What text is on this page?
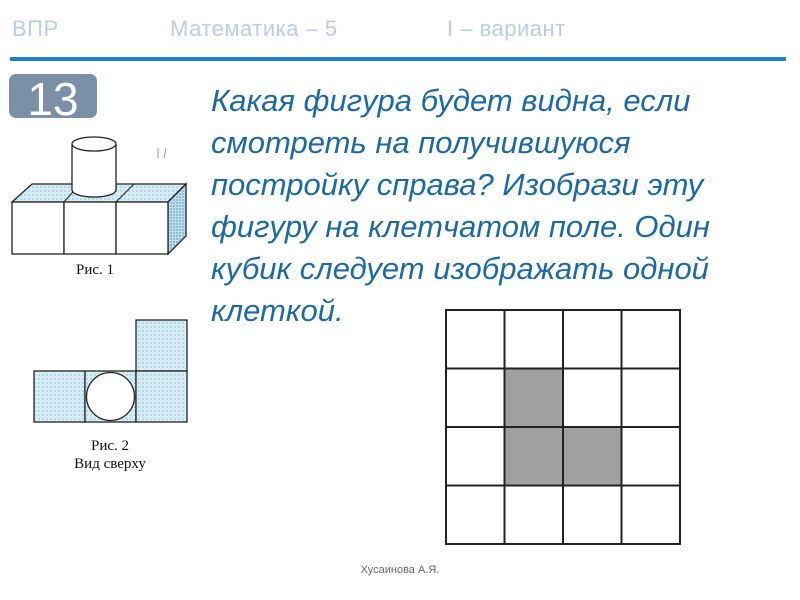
ВПР	Математика – 5	I – вариант
13	Какая фигура будет видна, если смотреть на получившуюся постройку справа? Изобрази эту фигуру на клетчатом поле. Один кубик следует изображать одной клеткой.
Рис. 1
Рис. 2
Вид сверху
Хусаинова А.Я.
